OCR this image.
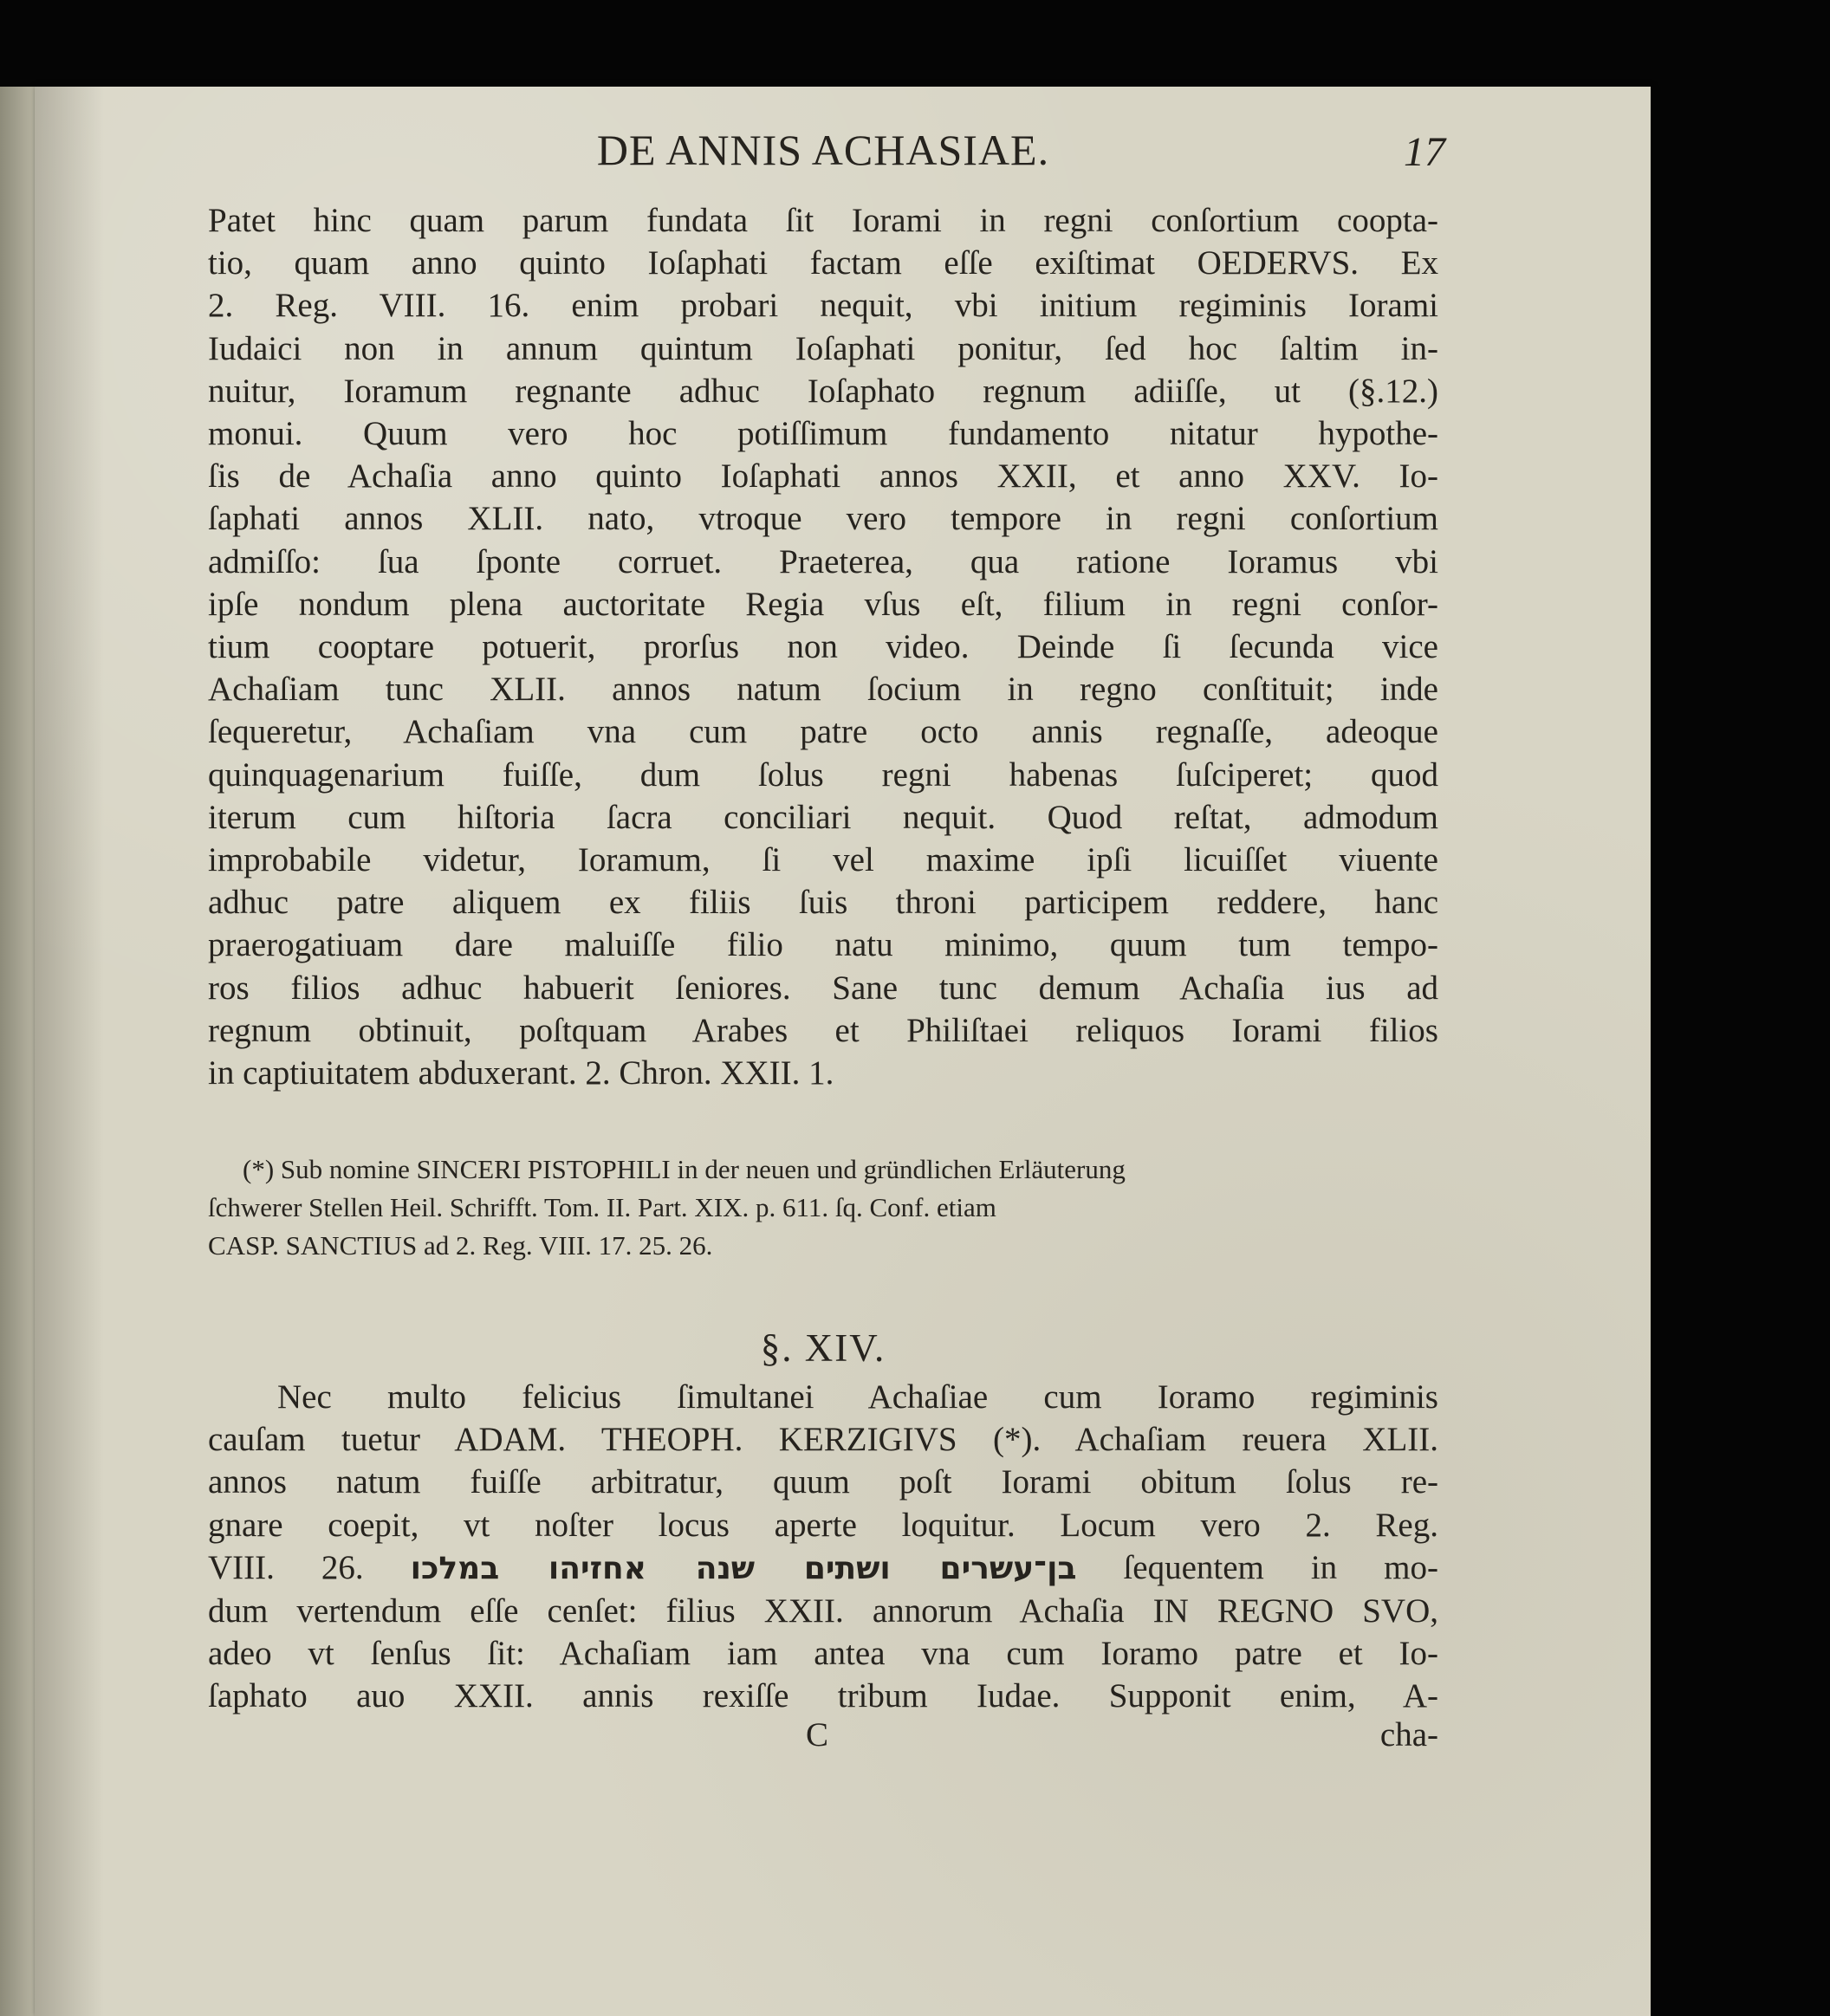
DE ANNIS ACHASIAE.	17

Patet hinc quam parum fundata ſit Iorami in regni conſortium coopta-
tio, quam anno quinto Ioſaphati factam eſſe exiſtimat OEDERVS. Ex
2. Reg. VIII. 16. enim probari nequit, vbi initium regiminis Iorami
Iudaici non in annum quintum Ioſaphati ponitur, ſed hoc ſaltim in-
nuitur, Ioramum regnante adhuc Ioſaphato regnum adiiſſe, ut (§.12.)
monui. Quum vero hoc potiſſimum fundamento nitatur hypothe-
ſis de Achaſia anno quinto Ioſaphati annos XXII, et anno XXV. Io-
ſaphati annos XLII. nato, vtroque vero tempore in regni conſortium
admiſſo: ſua ſponte corruet. Praeterea, qua ratione Ioramus vbi
ipſe nondum plena auctoritate Regia vſus eſt, filium in regni conſor-
tium cooptare potuerit, prorſus non video. Deinde ſi ſecunda vice
Achaſiam tunc XLII. annos natum ſocium in regno conſtituit; inde
ſequeretur, Achaſiam vna cum patre octo annis regnaſſe, adeoque
quinquagenarium fuiſſe, dum ſolus regni habenas ſuſciperet; quod
iterum cum hiſtoria ſacra conciliari nequit. Quod reſtat, admodum
improbabile videtur, Ioramum, ſi vel maxime ipſi licuiſſet viuente
adhuc patre aliquem ex filiis ſuis throni participem reddere, hanc
praerogatiuam dare maluiſſe filio natu minimo, quum tum tempo-
ros filios adhuc habuerit ſeniores. Sane tunc demum Achaſia ius ad
regnum obtinuit, poſtquam Arabes et Philiſtaei reliquos Iorami filios
in captiuitatem abduxerant. 2. Chron. XXII. 1.

(*) Sub nomine SINCERI PISTOPHILI in der neuen und gründlichen Erläuterung
ſchwerer Stellen Heil. Schrifft. Tom. II. Part. XIX. p. 611. ſq. Conf. etiam
CASP. SANCTIUS ad 2. Reg. VIII. 17. 25. 26.
§. XIV.

Nec multo felicius ſimultanei Achaſiae cum Ioramo regiminis
cauſam tuetur ADAM. THEOPH. KERZIGIVS (*). Achaſiam reuera XLII.
annos natum fuiſſe arbitratur, quum poſt Iorami obitum ſolus re-
gnare coepit, vt noſter locus aperte loquitur. Locum vero 2. Reg.
VIII. 26. בן־עשרים ושתים שנה אחזיהו במלכו ſequentem in mo-
dum vertendum eſſe cenſet: filius XXII. annorum Achaſia IN REGNO SVO,
adeo vt ſenſus ſit: Achaſiam iam antea vna cum Ioramo patre et Io-
ſaphato auo XXII. annis rexiſſe tribum Iudae. Supponit enim, A-

C	cha-
